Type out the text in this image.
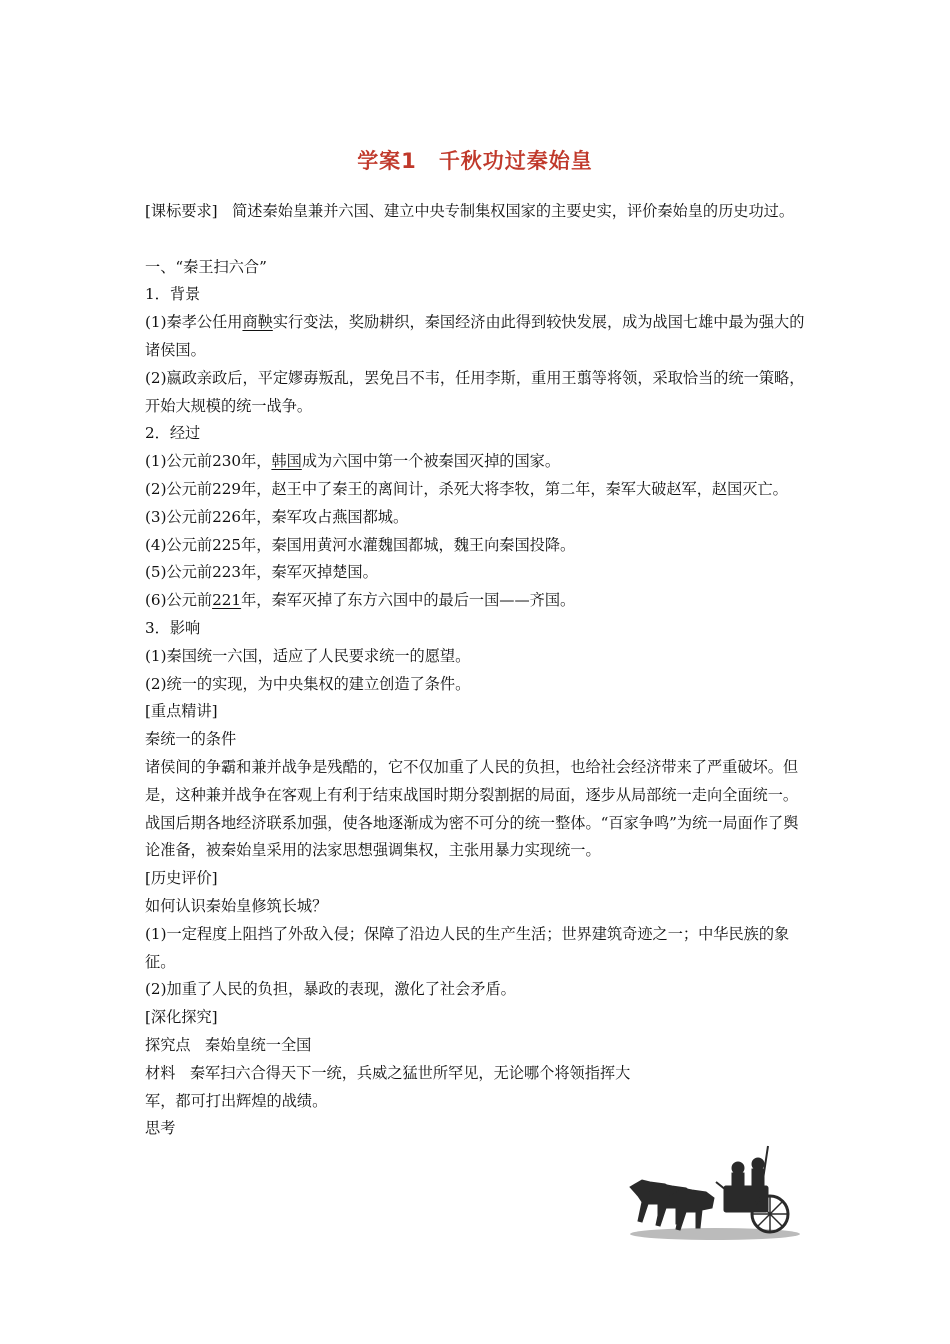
学案1 千秋功过秦始皇

[课标要求] 简述秦始皇兼并六国、建立中央专制集权国家的主要史实，评价秦始皇的历史功过。

一、“秦王扫六合”

1．背景

(1)秦孝公任用商鞅实行变法，奖励耕织，秦国经济由此得到较快发展，成为战国七雄中最为强大的诸侯国。

(2)嬴政亲政后，平定嫪毐叛乱，罢免吕不韦，任用李斯，重用王翦等将领，采取恰当的统一策略，开始大规模的统一战争。

2．经过

(1)公元前230年，韩国成为六国中第一个被秦国灭掉的国家。

(2)公元前229年，赵王中了秦王的离间计，杀死大将李牧，第二年，秦军大破赵军，赵国灭亡。

(3)公元前226年，秦军攻占燕国都城。

(4)公元前225年，秦国用黄河水灌魏国都城，魏王向秦国投降。

(5)公元前223年，秦军灭掉楚国。

(6)公元前221年，秦军灭掉了东方六国中的最后一国——齐国。

3．影响

(1)秦国统一六国，适应了人民要求统一的愿望。

(2)统一的实现，为中央集权的建立创造了条件。

[重点精讲]

秦统一的条件

诸侯间的争霸和兼并战争是残酷的，它不仅加重了人民的负担，也给社会经济带来了严重破坏。但是，这种兼并战争在客观上有利于结束战国时期分裂割据的局面，逐步从局部统一走向全面统一。

战国后期各地经济联系加强，使各地逐渐成为密不可分的统一整体。“百家争鸣”为统一局面作了舆论准备，被秦始皇采用的法家思想强调集权，主张用暴力实现统一。

[历史评价]

如何认识秦始皇修筑长城？

(1)一定程度上阻挡了外敌入侵；保障了沿边人民的生产生活；世界建筑奇迹之一；中华民族的象征。

(2)加重了人民的负担，暴政的表现，激化了社会矛盾。

[深化探究]

探究点 秦始皇统一全国

材料 秦军扫六合得天下一统，兵威之猛世所罕见，无论哪个将领指挥大军，都可打出辉煌的战绩。

思考
